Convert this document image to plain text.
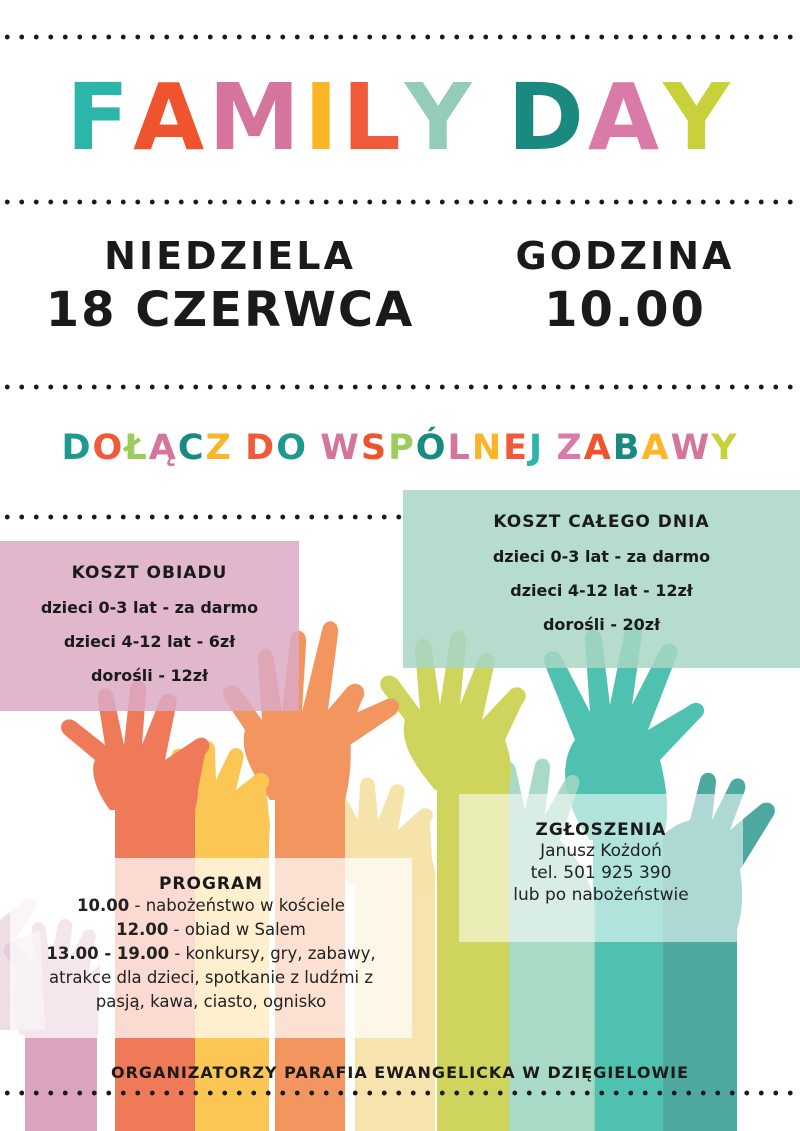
FAMILY DAY
NIEDZIELA
18 CZERWCA
GODZINA
10.00
DOŁĄCZ DO WSPÓLNEJ ZABAWY
KOSZT OBIADU
dzieci 0-3 lat - za darmo
dzieci 4-12 lat - 6zł
dorośli - 12zł
KOSZT CAŁEGO DNIA
dzieci 0-3 lat - za darmo
dzieci 4-12 lat - 12zł
dorośli - 20zł
ZGŁOSZENIA
Janusz Kożdoń
tel. 501 925 390
lub po nabożeństwie
PROGRAM
10.00 - nabożeństwo w kościele
12.00 - obiad w Salem
13.00 - 19.00 - konkursy, gry, zabawy,
atrakce dla dzieci, spotkanie z ludźmi z
pasją, kawa, ciasto, ognisko
ORGANIZATORZY PARAFIA EWANGELICKA W DZIĘGIELOWIE
